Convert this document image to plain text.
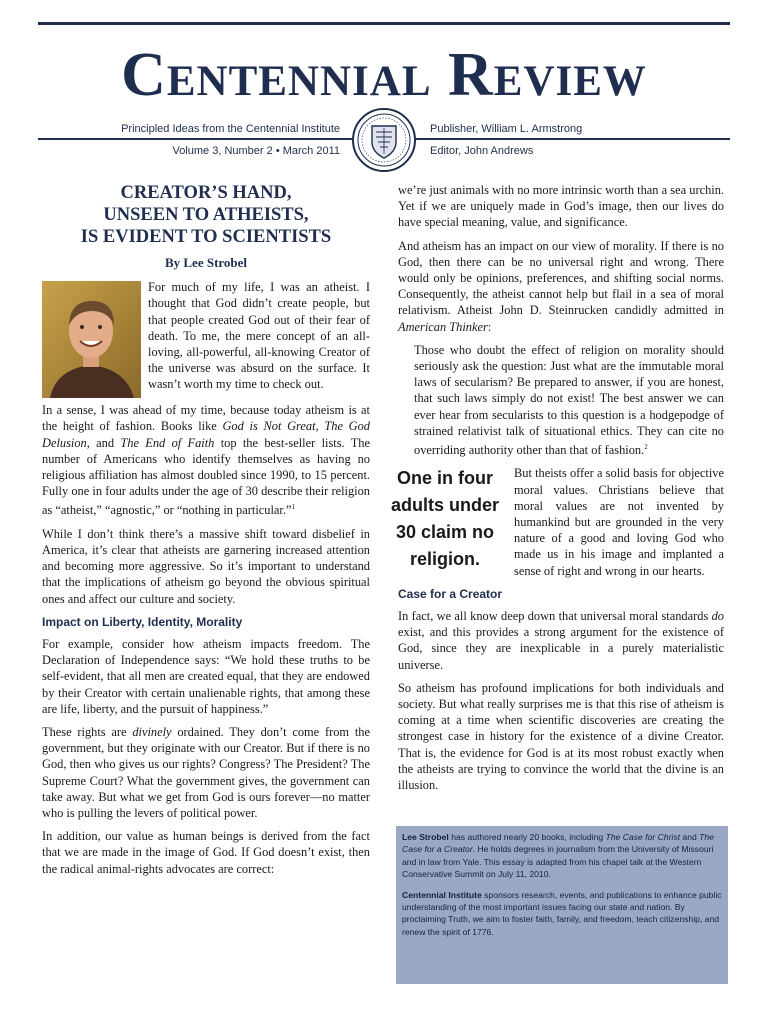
Centennial Review
Principled Ideas from the Centennial Institute
Volume 3, Number 2 • March 2011
Publisher, William L. Armstrong
Editor, John Andrews
CREATOR’S HAND,
UNSEEN TO ATHEISTS,
IS EVIDENT TO SCIENTISTS
By Lee Strobel

For much of my life, I was an atheist. I thought that God didn’t create people, but that people created God out of their fear of death. To me, the mere concept of an all-loving, all-powerful, all-knowing Creator of the universe was absurd on the surface. It wasn’t worth my time to check out.

In a sense, I was ahead of my time, because today atheism is at the height of fashion. Books like God is Not Great, The God Delusion, and The End of Faith top the best-seller lists. The number of Americans who identify themselves as having no religious affiliation has almost doubled since 1990, to 15 percent. Fully one in four adults under the age of 30 describe their religion as “atheist,” “agnostic,” or “nothing in particular.”$^1$

While I don’t think there’s a massive shift toward disbelief in America, it’s clear that atheists are garnering increased attention and becoming more aggressive. So it’s important to understand that the implications of atheism go beyond the obvious spiritual ones and affect our culture and society.

Impact on Liberty, Identity, Morality

For example, consider how atheism impacts freedom. The Declaration of Independence says: “We hold these truths to be self-evident, that all men are created equal, that they are endowed by their Creator with certain unalienable rights, that among these are life, liberty, and the pursuit of happiness.”

These rights are divinely ordained. They don’t come from the government, but they originate with our Creator. But if there is no God, then who gives us our rights? Congress? The President? The Supreme Court? What the government gives, the government can take away. But what we get from God is ours forever—no matter who is pulling the levers of political power.

In addition, our value as human beings is derived from the fact that we are made in the image of God. If God doesn’t exist, then the radical animal-rights advocates are correct:

we’re just animals with no more intrinsic worth than a sea urchin. Yet if we are uniquely made in God’s image, then our lives do have special meaning, value, and significance.

And atheism has an impact on our view of morality. If there is no God, then there can be no universal right and wrong. There would only be opinions, preferences, and shifting social norms. Consequently, the atheist cannot help but flail in a sea of moral relativism. Atheist John D. Steinrucken candidly admitted in American Thinker:

Those who doubt the effect of religion on morality should seriously ask the question: Just what are the immutable moral laws of secularism? Be prepared to answer, if you are honest, that such laws simply do not exist! The best answer we can ever hear from secularists to this question is a hodgepodge of strained relativist talk of situational ethics. They can cite no overriding authority other than that of fashion.$^2$

One in four adults under 30 claim no religion.

But theists offer a solid basis for objective moral values. Christians believe that moral values are not invented by humankind but are grounded in the very nature of a good and loving God who made us in his image and implanted a sense of right and wrong in our hearts.

Case for a Creator

In fact, we all know deep down that universal moral standards do exist, and this provides a strong argument for the existence of God, since they are inexplicable in a purely materialistic universe.

So atheism has profound implications for both individuals and society. But what really surprises me is that this rise of atheism is coming at a time when scientific discoveries are creating the strongest case in history for the existence of a divine Creator. That is, the evidence for God is at its most robust exactly when the atheists are trying to convince the world that the divine is an illusion.

Lee Strobel has authored nearly 20 books, including The Case for Christ and The Case for a Creator. He holds degrees in journalism from the University of Missouri and in law from Yale. This essay is adapted from his chapel talk at the Western Conservative Summit on July 11, 2010.

Centennial Institute sponsors research, events, and publications to enhance public understanding of the most important issues facing our state and nation. By proclaiming Truth, we aim to foster faith, family, and freedom, teach citizenship, and renew the spirit of 1776.
